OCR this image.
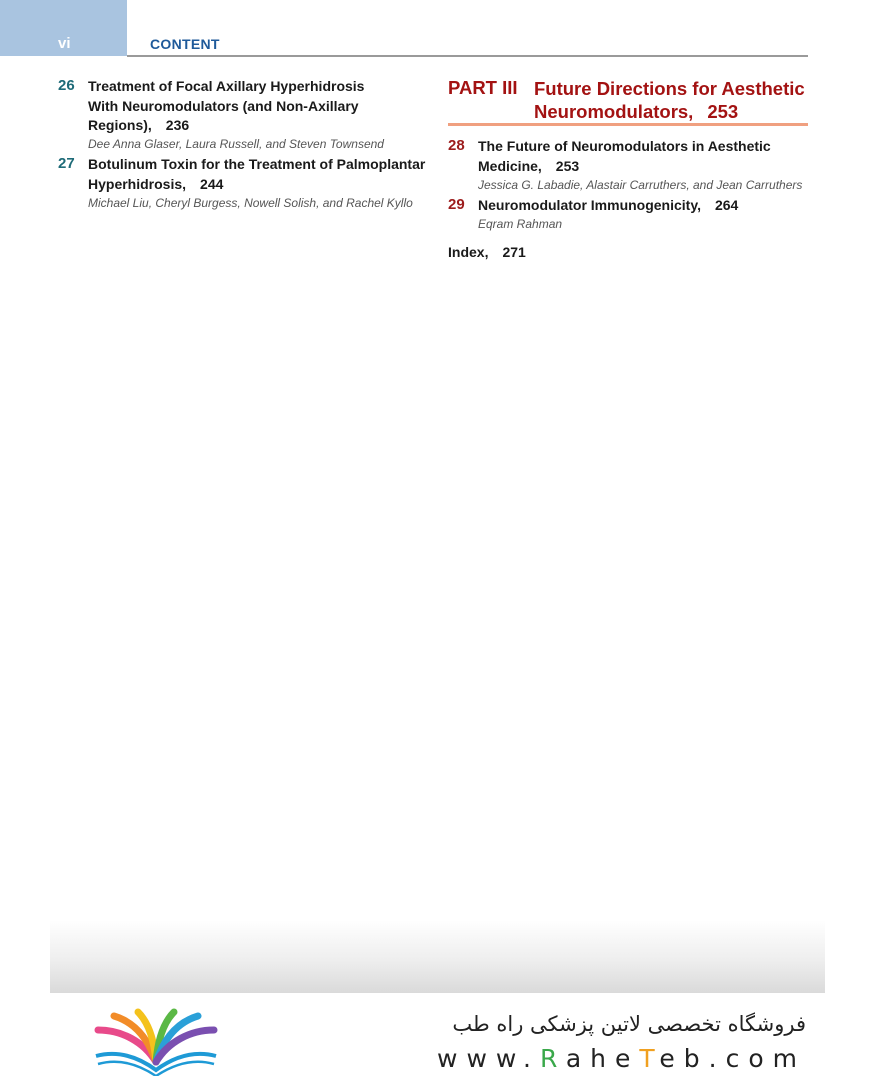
vi	CONTENT
26 Treatment of Focal Axillary Hyperhidrosis
With Neuromodulators (and Non-Axillary
Regions), 236
Dee Anna Glaser, Laura Russell, and Steven Townsend
27 Botulinum Toxin for the Treatment of Palmoplantar
Hyperhidrosis, 244
Michael Liu, Cheryl Burgess, Nowell Solish, and Rachel Kyllo
PART III Future Directions for Aesthetic
Neuromodulators, 253
28 The Future of Neuromodulators in Aesthetic
Medicine, 253
Jessica G. Labadie, Alastair Carruthers, and Jean Carruthers
29 Neuromodulator Immunogenicity, 264
Eqram Rahman
Index, 271
فروشگاه تخصصی لاتین پزشکی راه طب
www.RaheTeb.com
